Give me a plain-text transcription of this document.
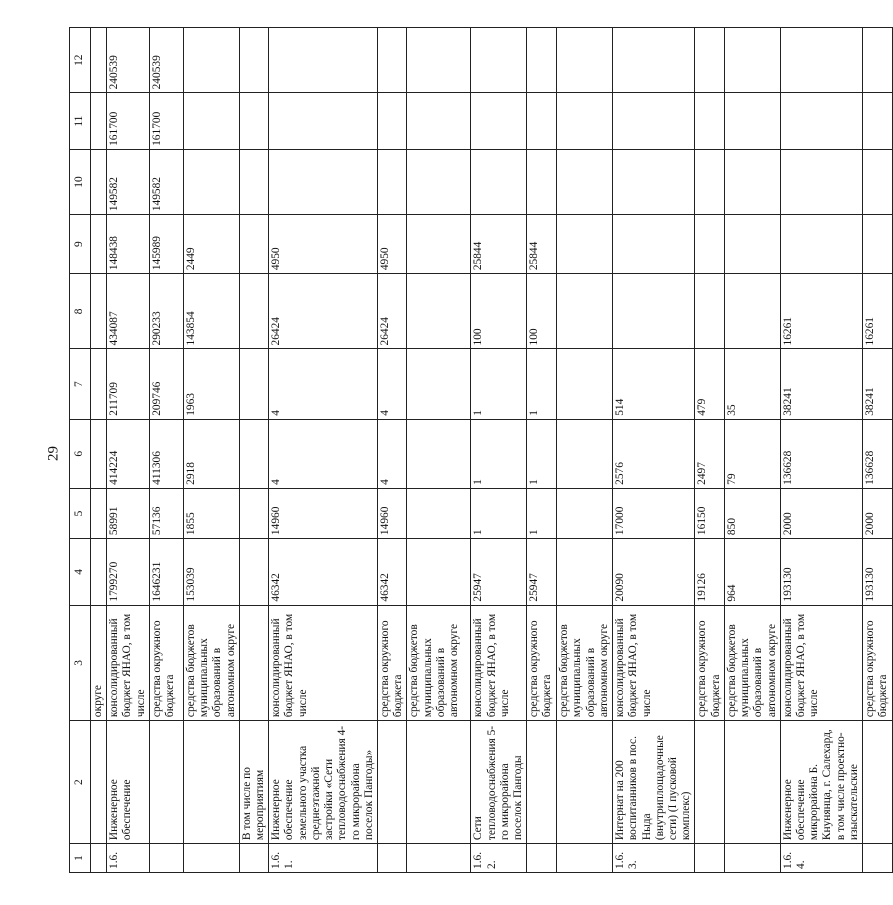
29
1	2	3	4	5	6	7	8	9	10	11	12
		округе									
1.6.	Инженерное обеспечение	консолидированный бюджет ЯНАО, в том числе	1799270	58991	414224	211709	434087	148438	149582	161700	240539
		средства окружного бюджета	1646231	57136	411306	209746	290233	145989	149582	161700	240539
		средства бюджетов муниципальных образований в автономном округе	153039	1855	2918	1963	143854	2449			
	В том числе по мероприятиям										
1.6.1.	Инженерное обеспечение земельного участка среднеэтажной застройки «Сети тепловодоснабжения 4-го микрорайона поселок Пангоды»	консолидированный бюджет ЯНАО, в том числе	46342	14960	4	4	26424	4950			
		средства окружного бюджета	46342	14960	4	4	26424	4950			
		средства бюджетов муниципальных образований в автономном округе									
1.6.2.	Сети тепловодоснабжения 5-го микрорайона поселок Пангоды	консолидированный бюджет ЯНАО, в том числе	25947	1	1	1	100	25844			
		средства окружного бюджета	25947	1	1	1	100	25844			
		средства бюджетов муниципальных образований в автономном округе									
1.6.3.	Интернат на 200 воспитанников в пос. Ныда (внутриплощадочные сети) (I пусковой комплекс)	консолидированный бюджет ЯНАО, в том числе	20090	17000	2576	514					
		средства окружного бюджета	19126	16150	2497	479					
		средства бюджетов муниципальных образований в автономном округе	964	850	79	35					
1.6.4.	Инженерное обеспечение микрорайона Б. Кнунянца, г. Салехард, в том числе проектно-изыскательские	консолидированный бюджет ЯНАО, в том числе	193130	2000	136628	38241	16261				
		средства окружного бюджета	193130	2000	136628	38241	16261				
